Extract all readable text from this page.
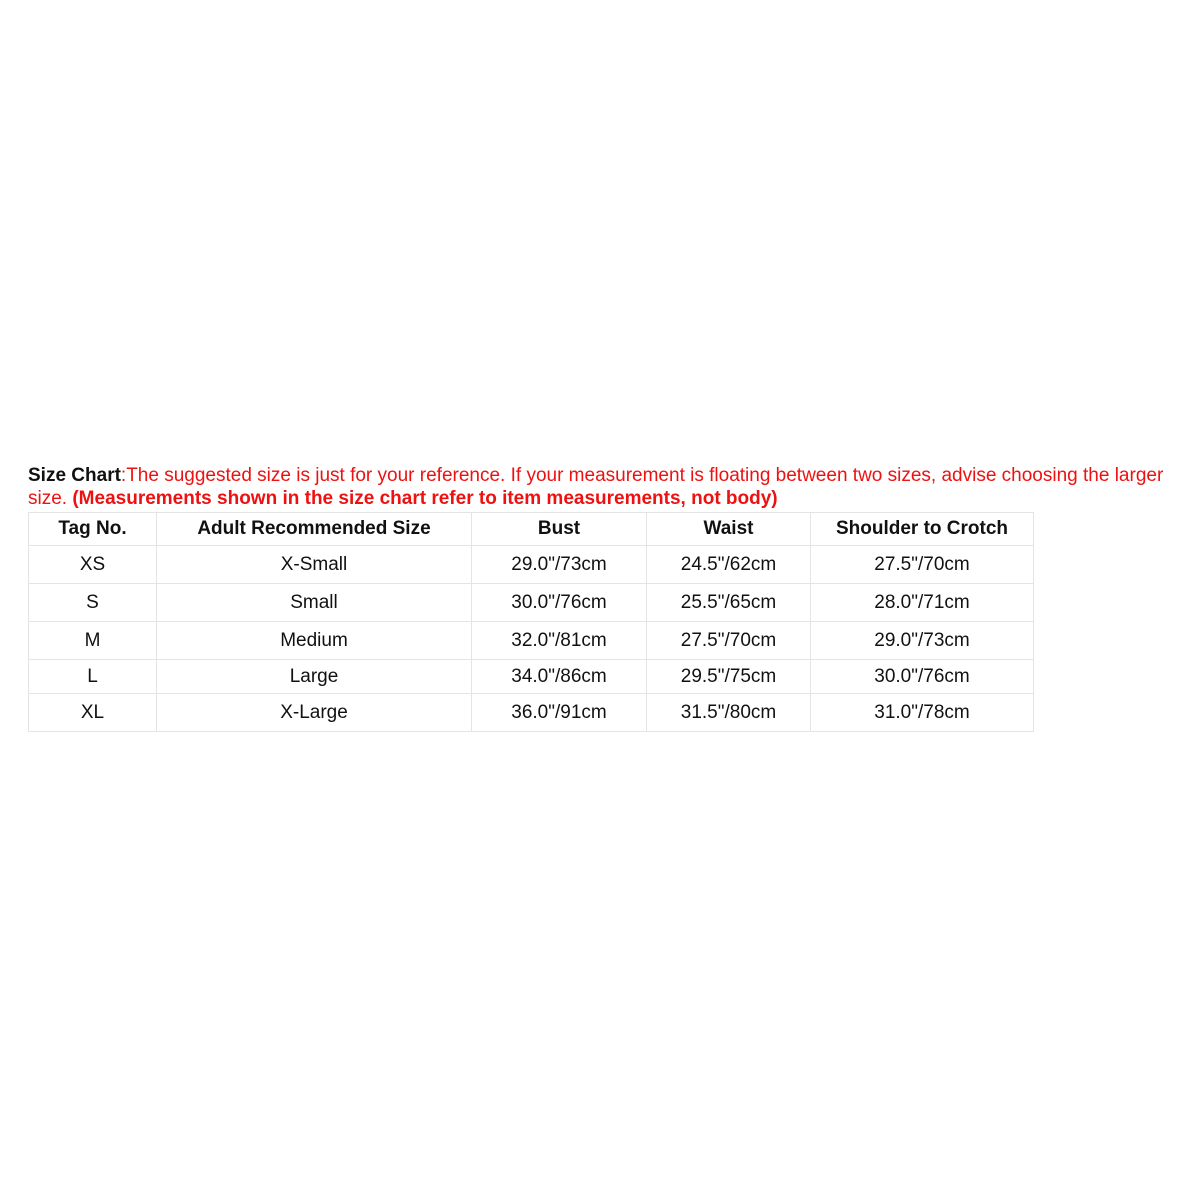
Size Chart:The suggested size is just for your reference. If your measurement is floating between two sizes, advise choosing the larger size. (Measurements shown in the size chart refer to item measurements, not body)

Tag No.	Adult Recommended Size	Bust	Waist	Shoulder to Crotch
XS	X-Small	29.0"/73cm	24.5"/62cm	27.5"/70cm
S	Small	30.0"/76cm	25.5"/65cm	28.0"/71cm
M	Medium	32.0"/81cm	27.5"/70cm	29.0"/73cm
L	Large	34.0"/86cm	29.5"/75cm	30.0"/76cm
XL	X-Large	36.0"/91cm	31.5"/80cm	31.0"/78cm
